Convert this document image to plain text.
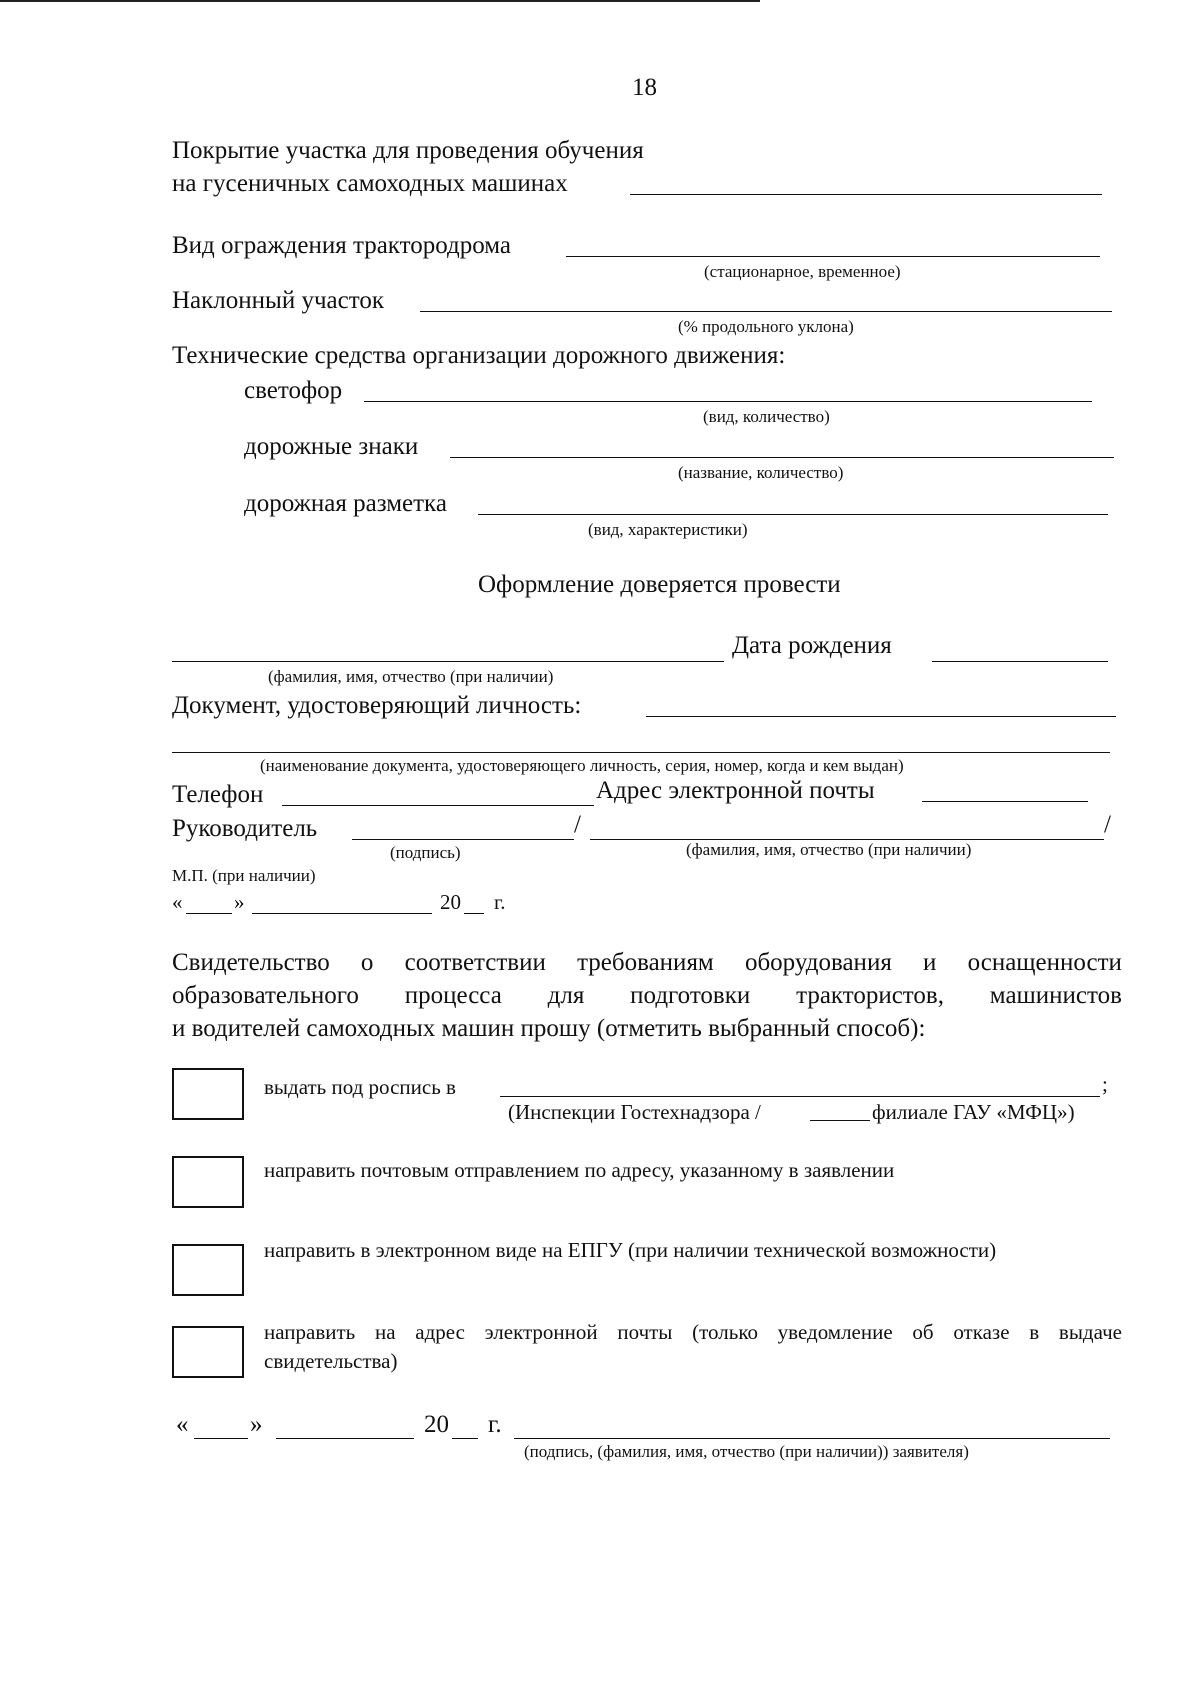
18
Покрытие участка для проведения обучения
на гусеничных самоходных машинах
Вид ограждения трактородрома
(стационарное, временное)
Наклонный участок
(% продольного уклона)
Технические средства организации дорожного движения:
светофор
(вид, количество)
дорожные знаки
(название, количество)
дорожная разметка
(вид, характеристики)
Оформление доверяется провести
Дата рождения
(фамилия, имя, отчество (при наличии)
Документ, удостоверяющий личность:
(наименование документа, удостоверяющего личность, серия, номер, когда и кем выдан)
Телефон	Адрес электронной почты
Руководитель	/	/
(подпись)	(фамилия, имя, отчество (при наличии)
М.П. (при наличии)
« »	20 г.
Свидетельство о соответствии требованиям оборудования и оснащенности
образовательного процесса для подготовки трактористов, машинистов
и водителей самоходных машин прошу (отметить выбранный способ):
выдать под роспись в	;
(Инспекции Гостехнадзора /	филиале ГАУ «МФЦ»)
направить почтовым отправлением по адресу, указанному в заявлении
направить в электронном виде на ЕПГУ (при наличии технической возможности)
направить на адрес электронной почты (только уведомление об отказе в выдаче
свидетельства)
« »	20 г.
(подпись, (фамилия, имя, отчество (при наличии)) заявителя)
